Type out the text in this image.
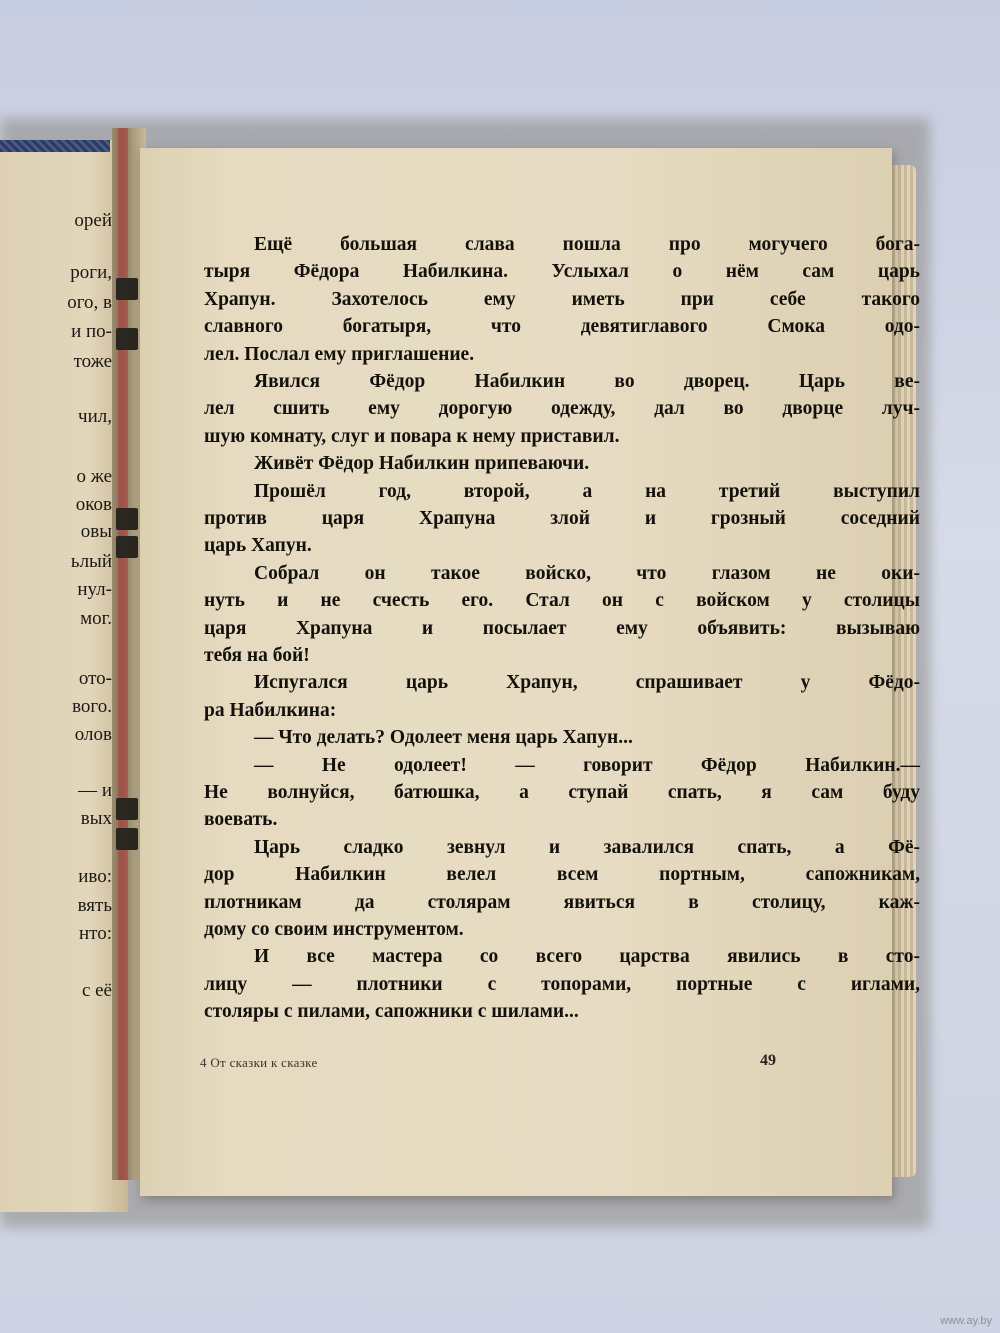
орей
роги,
ого, в
и по-
тоже
чил,
о же
оков
овы
ьлый
нул-
мог.
ото-
вого.
олов
— и
вых
иво:
вять
нто:
с её
Ещё большая слава пошла про могучего бога-
тыря Фёдора Набилкина. Услыхал о нём сам царь
Храпун. Захотелось ему иметь при себе такого
славного богатыря, что девятиглавого Смока одо-
лел. Послал ему приглашение.
Явился Фёдор Набилкин во дворец. Царь ве-
лел сшить ему дорогую одежду, дал во дворце луч-
шую комнату, слуг и повара к нему приставил.
Живёт Фёдор Набилкин припеваючи.
Прошёл год, второй, а на третий выступил
против царя Храпуна злой и грозный соседний
царь Хапун.
Собрал он такое войско, что глазом не оки-
нуть и не счесть его. Стал он с войском у столицы
царя Храпуна и посылает ему объявить: вызываю
тебя на бой!
Испугался царь Храпун, спрашивает у Фёдо-
ра Набилкина:
— Что делать? Одолеет меня царь Хапун...
— Не одолеет! — говорит Фёдор Набилкин.—
Не волнуйся, батюшка, а ступай спать, я сам буду
воевать.
Царь сладко зевнул и завалился спать, а Фё-
дор Набилкин велел всем портным, сапожникам,
плотникам да столярам явиться в столицу, каж-
дому со своим инструментом.
И все мастера со всего царства явились в сто-
лицу — плотники с топорами, портные с иглами,
столяры с пилами, сапожники с шилами...
4 От сказки к сказке	49
www.ay.by
